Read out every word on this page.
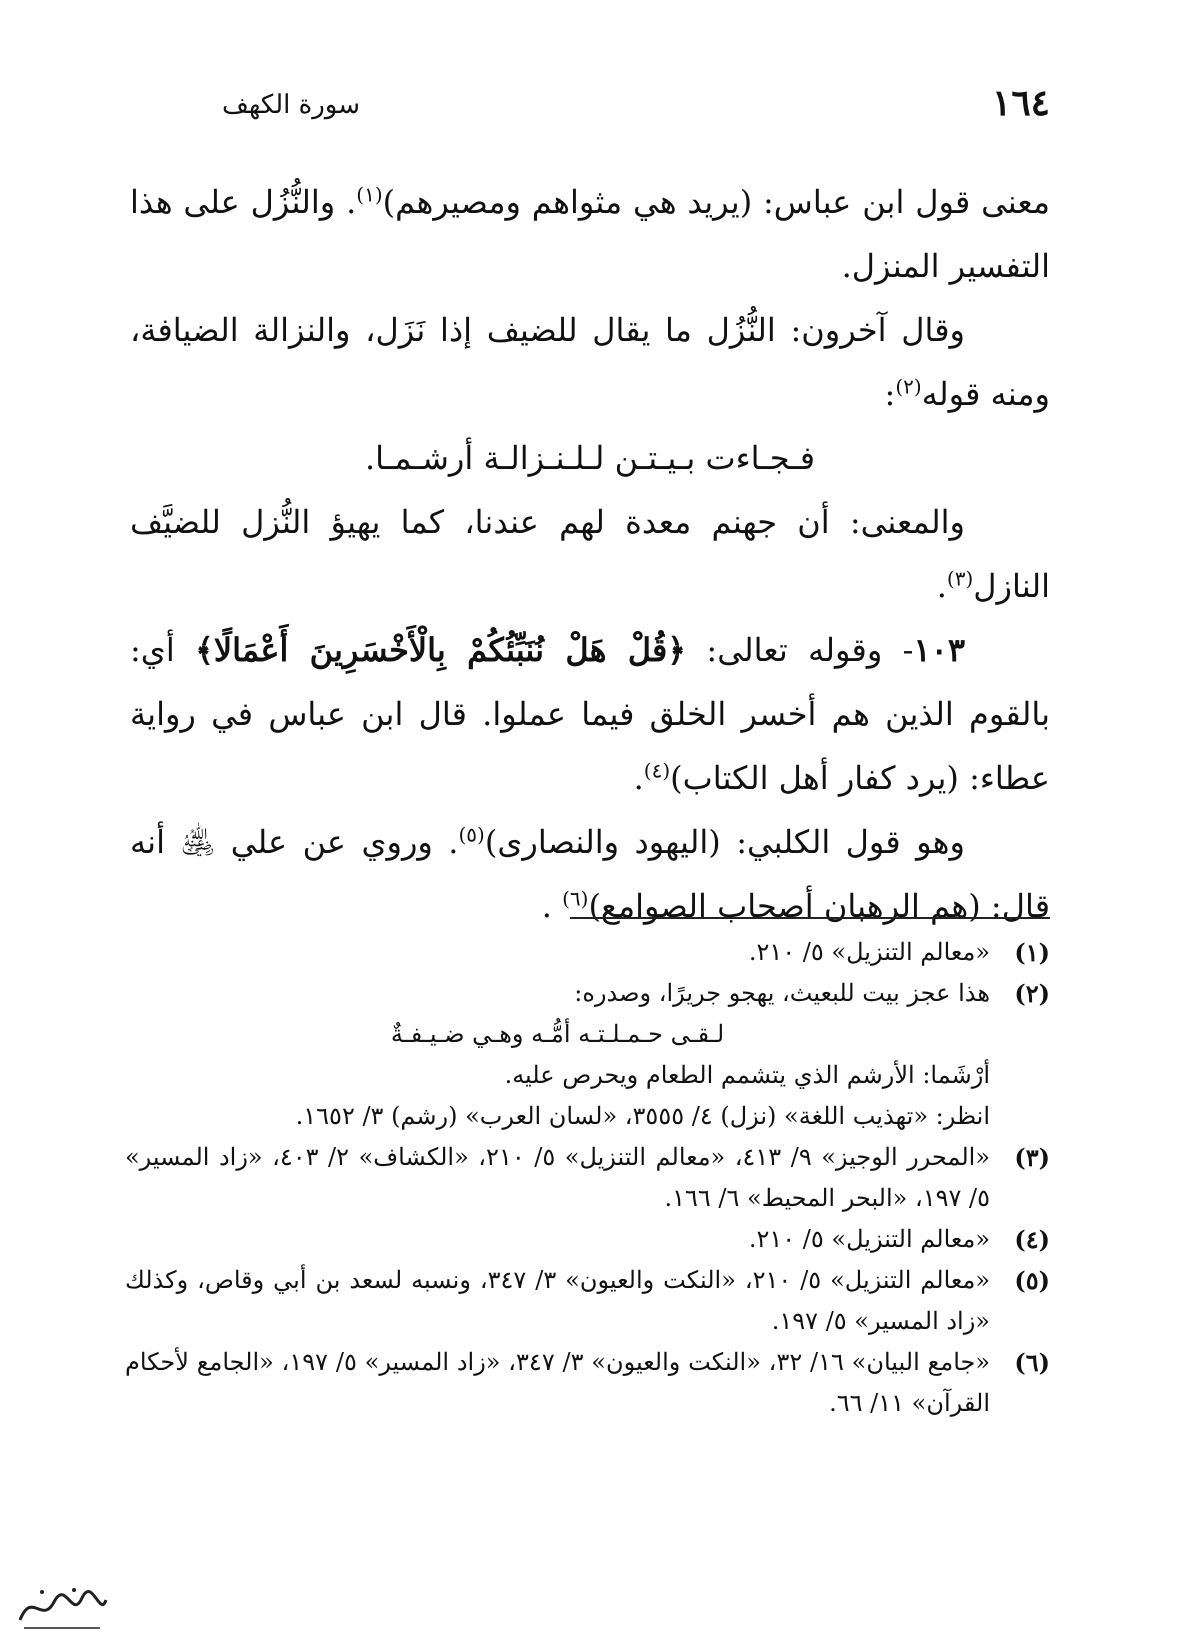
سورة الكهف	١٦٤

معنى قول ابن عباس: (يريد هي مثواهم ومصيرهم)$^{(١)}$. والنُّزُل على هذا التفسير المنزل.

وقال آخرون: النُّزُل ما يقال للضيف إذا نَزَل، والنزالة الضيافة، ومنه قوله$^{(٢)}$:

فـجـاءت بـيـتـن لـلـنـزالـة أرشـمـا.

والمعنى: أن جهنم معدة لهم عندنا، كما يهيؤ النُّزل للضيَّف النازل$^{(٣)}$.

١٠٣- وقوله تعالى: ﴿قُلْ هَلْ نُنَبِّئُكُمْ بِالْأَخْسَرِينَ أَعْمَالًا﴾ أي: بالقوم الذين هم أخسر الخلق فيما عملوا. قال ابن عباس في رواية عطاء: (يرد كفار أهل الكتاب)$^{(٤)}$.

وهو قول الكلبي: (اليهود والنصارى)$^{(٥)}$. وروي عن علي ﵁ أنه قال: (هم الرهبان أصحاب الصوامع)$^{(٦)}$ .

(١)
«معالم التنزيل» ٥/ ٢١٠.

(٢)
هذا عجز بيت للبعيث، يهجو جريرًا، وصدره:

لـقـى حـمـلـتـه أمُّـه وهـي ضـيـفـةٌ

أرْشَما: الأرشم الذي يتشمم الطعام ويحرص عليه.

انظر: «تهذيب اللغة» (نزل) ٤/ ٣٥٥٥، «لسان العرب» (رشم) ٣/ ١٦٥٢.

(٣)
«المحرر الوجيز» ٩/ ٤١٣، «معالم التنزيل» ٥/ ٢١٠، «الكشاف» ٢/ ٤٠٣، «زاد المسير» ٥/ ١٩٧، «البحر المحيط» ٦/ ١٦٦.

(٤)
«معالم التنزيل» ٥/ ٢١٠.

(٥)
«معالم التنزيل» ٥/ ٢١٠، «النكت والعيون» ٣/ ٣٤٧، ونسبه لسعد بن أبي وقاص، وكذلك «زاد المسير» ٥/ ١٩٧.

(٦)
«جامع البيان» ١٦/ ٣٢، «النكت والعيون» ٣/ ٣٤٧، «زاد المسير» ٥/ ١٩٧، «الجامع لأحكام القرآن» ١١/ ٦٦.
